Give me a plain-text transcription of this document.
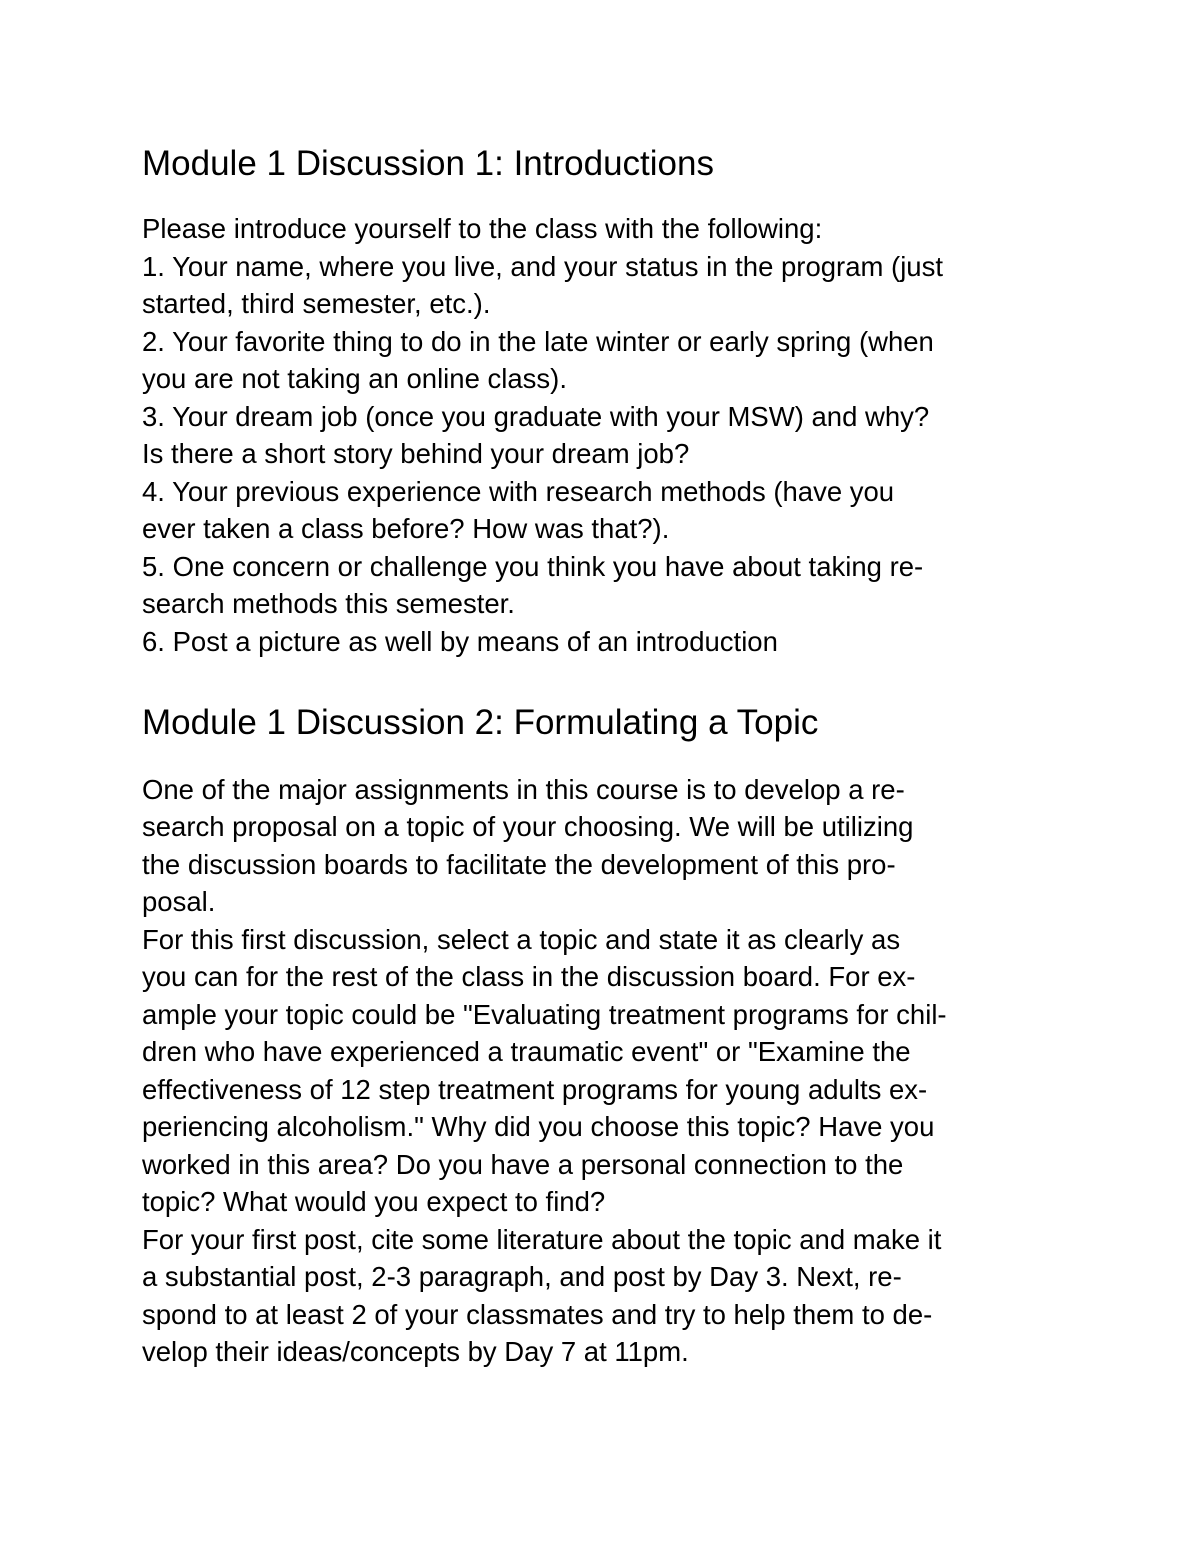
Module 1 Discussion 1: Introductions

Please introduce yourself to the class with the following:

1. Your name, where you live, and your status in the program (just

started, third semester, etc.).

2. Your favorite thing to do in the late winter or early spring (when

you are not taking an online class).

3. Your dream job (once you graduate with your MSW) and why?

Is there a short story behind your dream job?

4. Your previous experience with research methods (have you

ever taken a class before? How was that?).

5. One concern or challenge you think you have about taking re-

search methods this semester.

6. Post a picture as well by means of an introduction

Module 1 Discussion 2: Formulating a Topic

One of the major assignments in this course is to develop a re-

search proposal on a topic of your choosing. We will be utilizing

the discussion boards to facilitate the development of this pro-

posal.

For this first discussion, select a topic and state it as clearly as

you can for the rest of the class in the discussion board. For ex-

ample your topic could be "Evaluating treatment programs for chil-

dren who have experienced a traumatic event" or "Examine the

effectiveness of 12 step treatment programs for young adults ex-

periencing alcoholism." Why did you choose this topic? Have you

worked in this area? Do you have a personal connection to the

topic? What would you expect to find?

For your first post, cite some literature about the topic and make it

a substantial post, 2-3 paragraph, and post by Day 3. Next, re-

spond to at least 2 of your classmates and try to help them to de-

velop their ideas/concepts by Day 7 at 11pm.
